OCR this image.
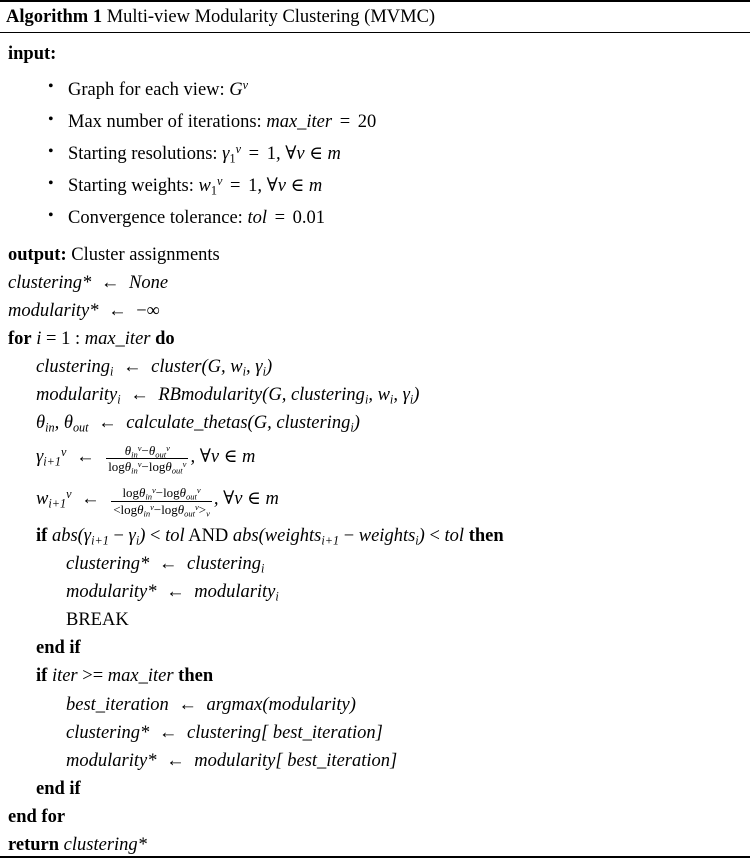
Algorithm 1 Multi-view Modularity Clustering (MVMC)
input:
• Graph for each view: $G^v$
• Max number of iterations: max_iter = 20
• Starting resolutions: $\gamma_1^v = 1$, ∀v ∈ m
• Starting weights: $w_1^v = 1$, ∀v ∈ m
• Convergence tolerance: tol = 0.01
output: Cluster assignments
clustering* ← None
modularity* ← −∞
for i = 1 : max_iter do
clustering$_i$ ← cluster(G, $w_i$, $\gamma_i$)
modularity$_i$ ← RBmodularity(G, clustering$_i$, $w_i$, $\gamma_i$)
$\theta_{in}$, $\theta_{out}$ ← calculate_thetas(G, clustering$_i$)
$\gamma_{i+1}^v$ ← $\frac{\theta_{in}^v-\theta_{out}^v}{\log\theta_{in}^v-\log\theta_{out}^v}$ , ∀v ∈ m
$w_{i+1}^v$ ← $\frac{\log\theta_{in}^v-\log\theta_{out}^v}{<\log\theta_{in}^v-\log\theta_{out}^v>_v}$ , ∀v ∈ m
if $abs(\gamma_{i+1} - \gamma_i)$ < tol AND abs(weights$_{i+1}$ − weights$_i$) < tol then
clustering* ← clustering$_i$
modularity* ← modularity$_i$
BREAK
end if
if iter >= max_iter then
best_iteration ← argmax(modularity)
clustering* ← clustering[ best_iteration]
modularity* ← modularity[ best_iteration]
end if
end for
return clustering*
